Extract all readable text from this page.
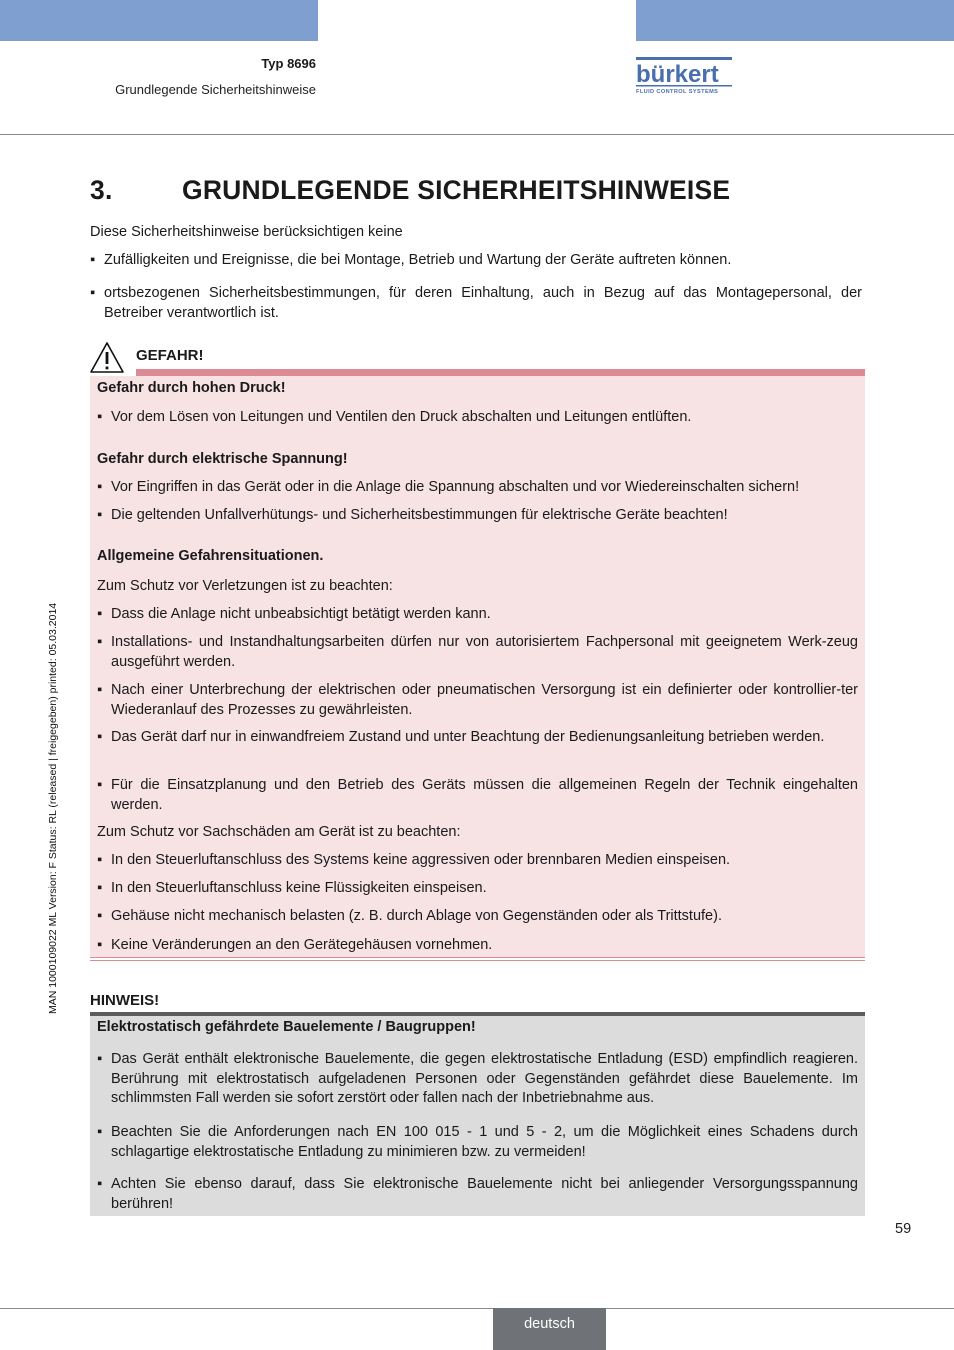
Typ 8696
Grundlegende Sicherheitshinweise
bürkert
FLUID CONTROL SYSTEMS
MAN 1000109022 ML Version: F Status: RL (released | freigegeben) printed: 05.03.2014
3.	GRUNDLEGENDE SICHERHEITSHINWEISE
Diese Sicherheitshinweise berücksichtigen keine
▪ Zufälligkeiten und Ereignisse, die bei Montage, Betrieb und Wartung der Geräte auftreten können.
▪ ortsbezogenen Sicherheitsbestimmungen, für deren Einhaltung, auch in Bezug auf das Montagepersonal, der Betreiber verantwortlich ist.
GEFAHR!
Gefahr durch hohen Druck!
▪ Vor dem Lösen von Leitungen und Ventilen den Druck abschalten und Leitungen entlüften.
Gefahr durch elektrische Spannung!
▪ Vor Eingriffen in das Gerät oder in die Anlage die Spannung abschalten und vor Wiedereinschalten sichern!
▪ Die geltenden Unfallverhütungs- und Sicherheitsbestimmungen für elektrische Geräte beachten!
Allgemeine Gefahrensituationen.
Zum Schutz vor Verletzungen ist zu beachten:
▪ Dass die Anlage nicht unbeabsichtigt betätigt werden kann.
▪ Installations- und Instandhaltungsarbeiten dürfen nur von autorisiertem Fachpersonal mit geeignetem Werk-zeug ausgeführt werden.
▪ Nach einer Unterbrechung der elektrischen oder pneumatischen Versorgung ist ein definierter oder kontrollier-ter Wiederanlauf des Prozesses zu gewährleisten.
▪ Das Gerät darf nur in einwandfreiem Zustand und unter Beachtung der Bedienungsanleitung betrieben werden.
▪ Für die Einsatzplanung und den Betrieb des Geräts müssen die allgemeinen Regeln der Technik eingehalten werden.
Zum Schutz vor Sachschäden am Gerät ist zu beachten:
▪ In den Steuerluftanschluss des Systems keine aggressiven oder brennbaren Medien einspeisen.
▪ In den Steuerluftanschluss keine Flüssigkeiten einspeisen.
▪ Gehäuse nicht mechanisch belasten (z. B. durch Ablage von Gegenständen oder als Trittstufe).
▪ Keine Veränderungen an den Gerätegehäusen vornehmen.
HINWEIS!
Elektrostatisch gefährdete Bauelemente / Baugruppen!
▪ Das Gerät enthält elektronische Bauelemente, die gegen elektrostatische Entladung (ESD) empfindlich reagieren. Berührung mit elektrostatisch aufgeladenen Personen oder Gegenständen gefährdet diese Bauelemente. Im schlimmsten Fall werden sie sofort zerstört oder fallen nach der Inbetriebnahme aus.
▪ Beachten Sie die Anforderungen nach EN 100 015 - 1 und 5 - 2, um die Möglichkeit eines Schadens durch schlagartige elektrostatische Entladung zu minimieren bzw. zu vermeiden!
▪ Achten Sie ebenso darauf, dass Sie elektronische Bauelemente nicht bei anliegender Versorgungsspannung berühren!
59
deutsch
